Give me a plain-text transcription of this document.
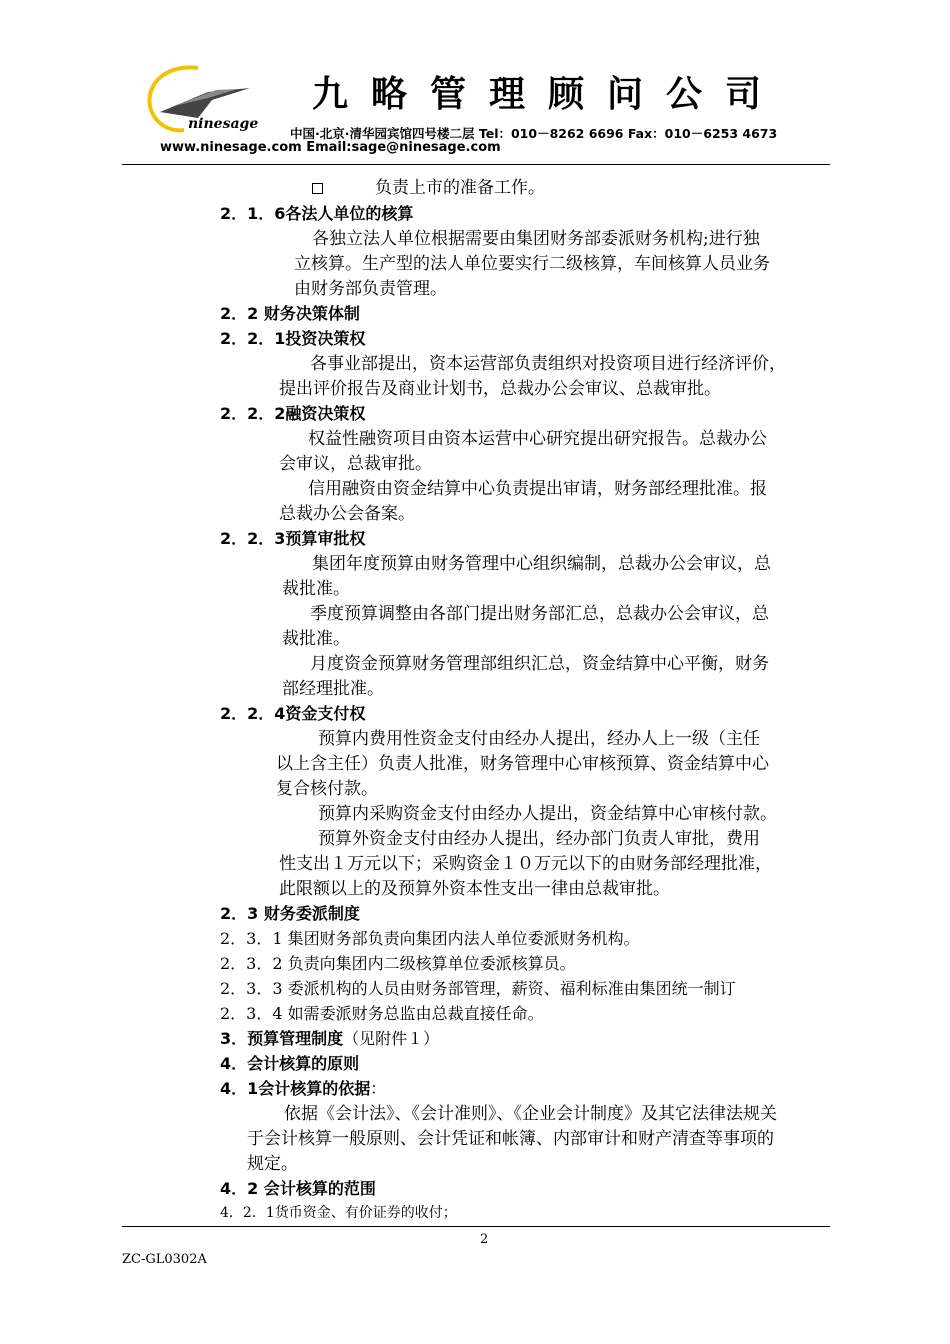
ninesage
九略管理顾问公司
中国·北京·清华园宾馆四号楼二层 Tel：010－8262 6696 Fax：010－6253 4673
www.ninesage.com Email:sage@ninesage.com
负责上市的准备工作。
2．1．6各法人单位的核算
各独立法人单位根据需要由集团财务部委派财务机构;进行独
立核算。生产型的法人单位要实行二级核算，车间核算人员业务
由财务部负责管理。
2．2 财务决策体制
2．2．1投资决策权
各事业部提出，资本运营部负责组织对投资项目进行经济评价，
提出评价报告及商业计划书，总裁办公会审议、总裁审批。
2．2．2融资决策权
权益性融资项目由资本运营中心研究提出研究报告。总裁办公
会审议，总裁审批。
信用融资由资金结算中心负责提出审请，财务部经理批准。报
总裁办公会备案。
2．2．3预算审批权
集团年度预算由财务管理中心组织编制，总裁办公会审议，总
裁批准。
季度预算调整由各部门提出财务部汇总，总裁办公会审议，总
裁批准。
月度资金预算财务管理部组织汇总，资金结算中心平衡，财务
部经理批准。
2．2．4资金支付权
预算内费用性资金支付由经办人提出，经办人上一级（主任
以上含主任）负责人批准，财务管理中心审核预算、资金结算中心
复合核付款。
预算内采购资金支付由经办人提出，资金结算中心审核付款。
预算外资金支付由经办人提出，经办部门负责人审批，费用
性支出１万元以下；采购资金１０万元以下的由财务部经理批准，
此限额以上的及预算外资本性支出一律由总裁审批。
2．3 财务委派制度
2．3．1 集团财务部负责向集团内法人单位委派财务机构。
2．3．2 负责向集团内二级核算单位委派核算员。
2．3．3 委派机构的人员由财务部管理，薪资、福利标准由集团统一制订
2．3．4 如需委派财务总监由总裁直接任命。
3．预算管理制度（见附件１）
4．会计核算的原则
4．1会计核算的依据：
依据《会计法》、《会计准则》、《企业会计制度》及其它法律法规关
于会计核算一般原则、会计凭证和帐簿、内部审计和财产清查等事项的
规定。
4．2 会计核算的范围
4．2．1货币资金、有价证券的收付；
2
ZC-GL0302A
